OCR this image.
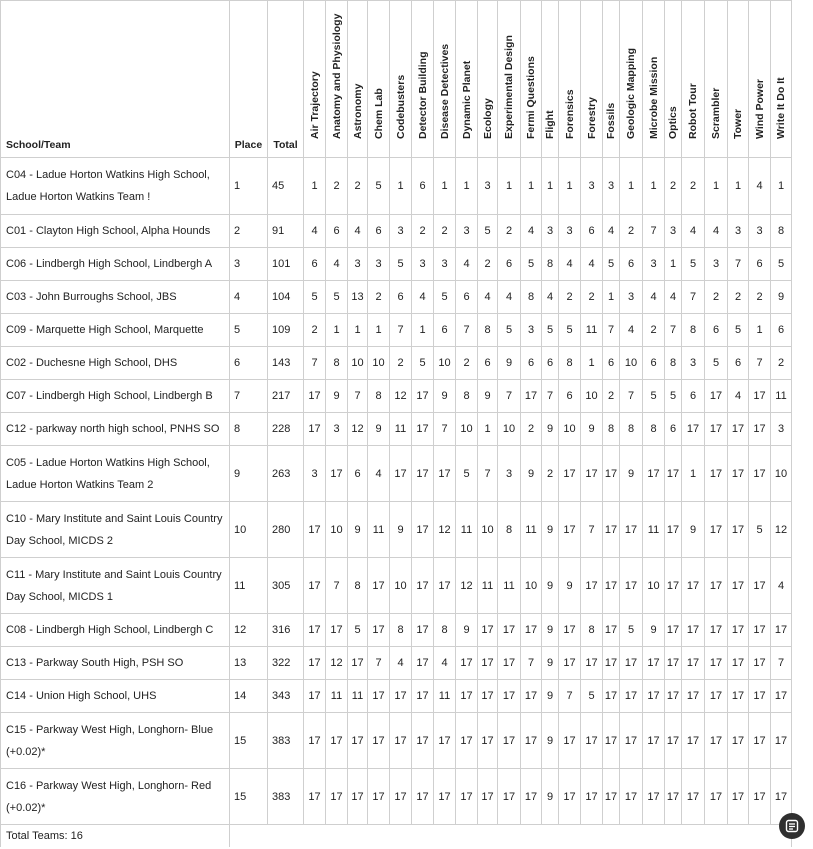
School/Team	Place	Total	Air Trajectory	Anatomy and Physiology	Astronomy	Chem Lab	Codebusters	Detector Building	Disease Detectives	Dynamic Planet	Ecology	Experimental Design	Fermi Questions	Flight	Forensics	Forestry	Fossils	Geologic Mapping	Microbe Mission	Optics	Robot Tour	Scrambler	Tower	Wind Power	Write It Do It

C04 - Ladue Horton Watkins High School, Ladue Horton Watkins Team !	1	45	1	2	2	5	1	6	1	1	3	1	1	1	1	3	3	1	1	2	2	1	1	4	1
C01 - Clayton High School, Alpha Hounds	2	91	4	6	4	6	3	2	2	3	5	2	4	3	3	6	4	2	7	3	4	4	3	3	8
C06 - Lindbergh High School, Lindbergh A	3	101	6	4	3	3	5	3	3	4	2	6	5	8	4	4	5	6	3	1	5	3	7	6	5
C03 - John Burroughs School, JBS	4	104	5	5	13	2	6	4	5	6	4	4	8	4	2	2	1	3	4	4	7	2	2	2	9
C09 - Marquette High School, Marquette	5	109	2	1	1	1	7	1	6	7	8	5	3	5	5	11	7	4	2	7	8	6	5	1	6
C02 - Duchesne High School, DHS	6	143	7	8	10	10	2	5	10	2	6	9	6	6	8	1	6	10	6	8	3	5	6	7	2
C07 - Lindbergh High School, Lindbergh B	7	217	17	9	7	8	12	17	9	8	9	7	17	7	6	10	2	7	5	5	6	17	4	17	11
C12 - parkway north high school, PNHS SO	8	228	17	3	12	9	11	17	7	10	1	10	2	9	10	9	8	8	8	6	17	17	17	17	3
C05 - Ladue Horton Watkins High School, Ladue Horton Watkins Team 2	9	263	3	17	6	4	17	17	17	5	7	3	9	2	17	17	17	9	17	17	1	17	17	17	10
C10 - Mary Institute and Saint Louis Country Day School, MICDS 2	10	280	17	10	9	11	9	17	12	11	10	8	11	9	17	7	17	17	11	17	9	17	17	5	12
C11 - Mary Institute and Saint Louis Country Day School, MICDS 1	11	305	17	7	8	17	10	17	17	12	11	11	10	9	9	17	17	17	10	17	17	17	17	17	4
C08 - Lindbergh High School, Lindbergh C	12	316	17	17	5	17	8	17	8	9	17	17	17	9	17	8	17	5	9	17	17	17	17	17	17
C13 - Parkway South High, PSH SO	13	322	17	12	17	7	4	17	4	17	17	17	7	9	17	17	17	17	17	17	17	17	17	17	7
C14 - Union High School, UHS	14	343	17	11	11	17	17	17	11	17	17	17	17	9	7	5	17	17	17	17	17	17	17	17	17
C15 - Parkway West High, Longhorn- Blue (+0.02)*	15	383	17	17	17	17	17	17	17	17	17	17	17	9	17	17	17	17	17	17	17	17	17	17	17
C16 - Parkway West High, Longhorn- Red (+0.02)*	15	383	17	17	17	17	17	17	17	17	17	17	17	9	17	17	17	17	17	17	17	17	17	17	17
Total Teams: 16																									
